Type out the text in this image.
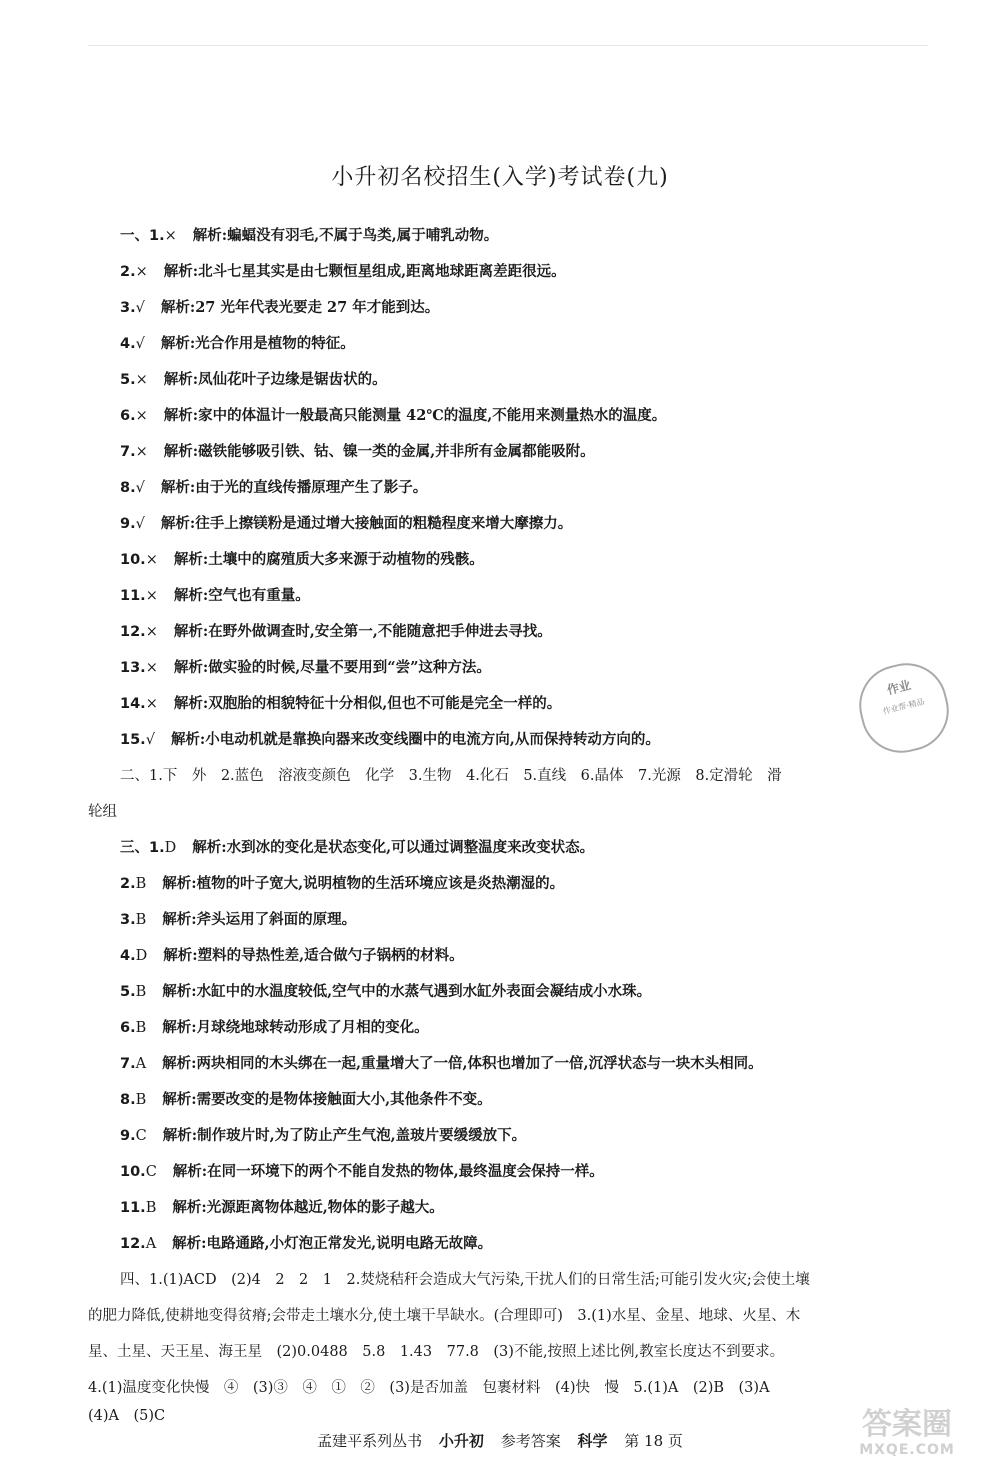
小升初名校招生(入学)考试卷(九)
一、1.× 解析:蝙蝠没有羽毛,不属于鸟类,属于哺乳动物。
2.× 解析:北斗七星其实是由七颗恒星组成,距离地球距离差距很远。
3.√ 解析:27 光年代表光要走 27 年才能到达。
4.√ 解析:光合作用是植物的特征。
5.× 解析:凤仙花叶子边缘是锯齿状的。
6.× 解析:家中的体温计一般最高只能测量 42℃的温度,不能用来测量热水的温度。
7.× 解析:磁铁能够吸引铁、钴、镍一类的金属,并非所有金属都能吸附。
8.√ 解析:由于光的直线传播原理产生了影子。
9.√ 解析:往手上擦镁粉是通过增大接触面的粗糙程度来增大摩擦力。
10.× 解析:土壤中的腐殖质大多来源于动植物的残骸。
11.× 解析:空气也有重量。
12.× 解析:在野外做调查时,安全第一,不能随意把手伸进去寻找。
13.× 解析:做实验的时候,尽量不要用到“尝”这种方法。
14.× 解析:双胞胎的相貌特征十分相似,但也不可能是完全一样的。
15.√ 解析:小电动机就是靠换向器来改变线圈中的电流方向,从而保持转动方向的。
二、1.下　外　2.蓝色　溶液变颜色　化学　3.生物　4.化石　5.直线　6.晶体　7.光源　8.定滑轮　滑
轮组
三、1.D 解析:水到冰的变化是状态变化,可以通过调整温度来改变状态。
2.B 解析:植物的叶子宽大,说明植物的生活环境应该是炎热潮湿的。
3.B 解析:斧头运用了斜面的原理。
4.D 解析:塑料的导热性差,适合做勺子锅柄的材料。
5.B 解析:水缸中的水温度较低,空气中的水蒸气遇到水缸外表面会凝结成小水珠。
6.B 解析:月球绕地球转动形成了月相的变化。
7.A 解析:两块相同的木头绑在一起,重量增大了一倍,体积也增加了一倍,沉浮状态与一块木头相同。
8.B 解析:需要改变的是物体接触面大小,其他条件不变。
9.C 解析:制作玻片时,为了防止产生气泡,盖玻片要缓缓放下。
10.C 解析:在同一环境下的两个不能自发热的物体,最终温度会保持一样。
11.B 解析:光源距离物体越近,物体的影子越大。
12.A 解析:电路通路,小灯泡正常发光,说明电路无故障。
四、1.(1)ACD　(2)4　2　2　1　2.焚烧秸秆会造成大气污染,干扰人们的日常生活;可能引发火灾;会使土壤
的肥力降低,使耕地变得贫瘠;会带走土壤水分,使土壤干旱缺水。(合理即可)　3.(1)水星、金星、地球、火星、木
星、土星、天王星、海王星　(2)0.0488　5.8　1.43　77.8　(3)不能,按照上述比例,教室长度达不到要求。
4.(1)温度变化快慢　④　(3)③　④　①　②　(3)是否加盖　包裹材料　(4)快　慢　5.(1)A　(2)B　(3)A
(4)A　(5)C
孟建平系列丛书 小升初 参考答案 科学 第 18 页
作业
作业帮·精品
答案圈
MXQE.COM
